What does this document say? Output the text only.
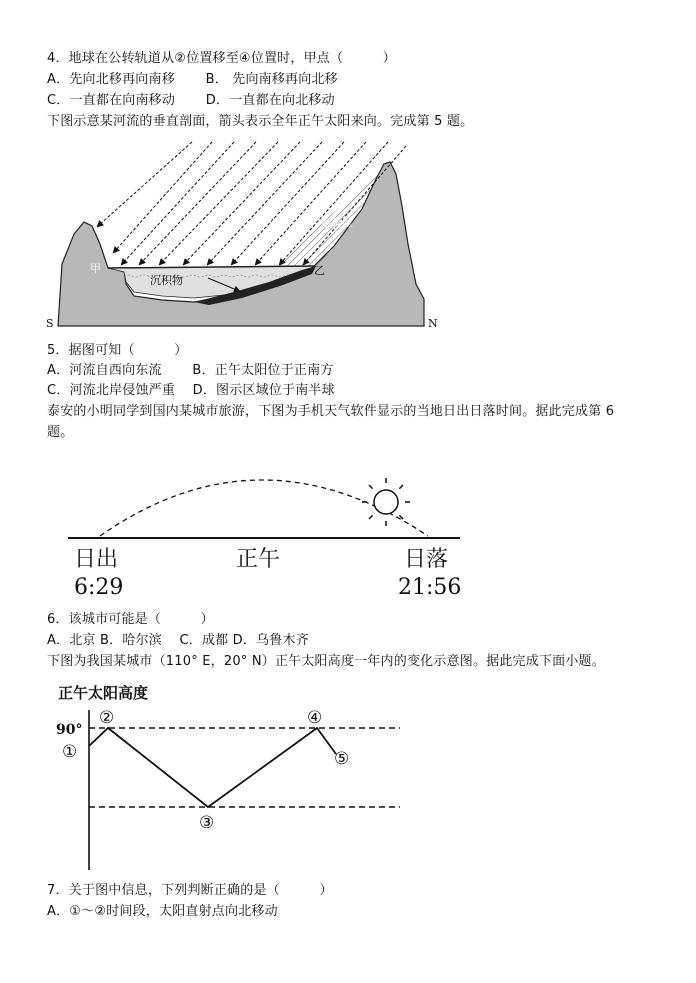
4．地球在公转轨道从②位置移至④位置时，甲点（　　　）
A．先向北移再向南移　　 B． 先向南移再向北移
C．一直都在向南移动　　 D．一直都在向北移动
下图示意某河流的垂直剖面，箭头表示全年正午太阳来向。完成第 5 题。
甲	乙
遮蔽区
沉积物
S	N
5．据图可知（　　　）
A．河流自西向东流　　 B．正午太阳位于正南方
C．河流北岸侵蚀严重　 D．图示区域位于南半球
泰安的小明同学到国内某城市旅游，下图为手机天气软件显示的当地日出日落时间。据此完成第 6
题。
日出	正午	日落
6:29	21:56
6．该城市可能是（　　　）
A．北京 B．哈尔滨　 C．成都 D．乌鲁木齐
下图为我国某城市（110° E，20° N）正午太阳高度一年内的变化示意图。据此完成下面小题。
正午太阳高度
90°
①
②
③
④
⑤
7．关于图中信息，下列判断正确的是（　　　）
A．①～②时间段，太阳直射点向北移动
